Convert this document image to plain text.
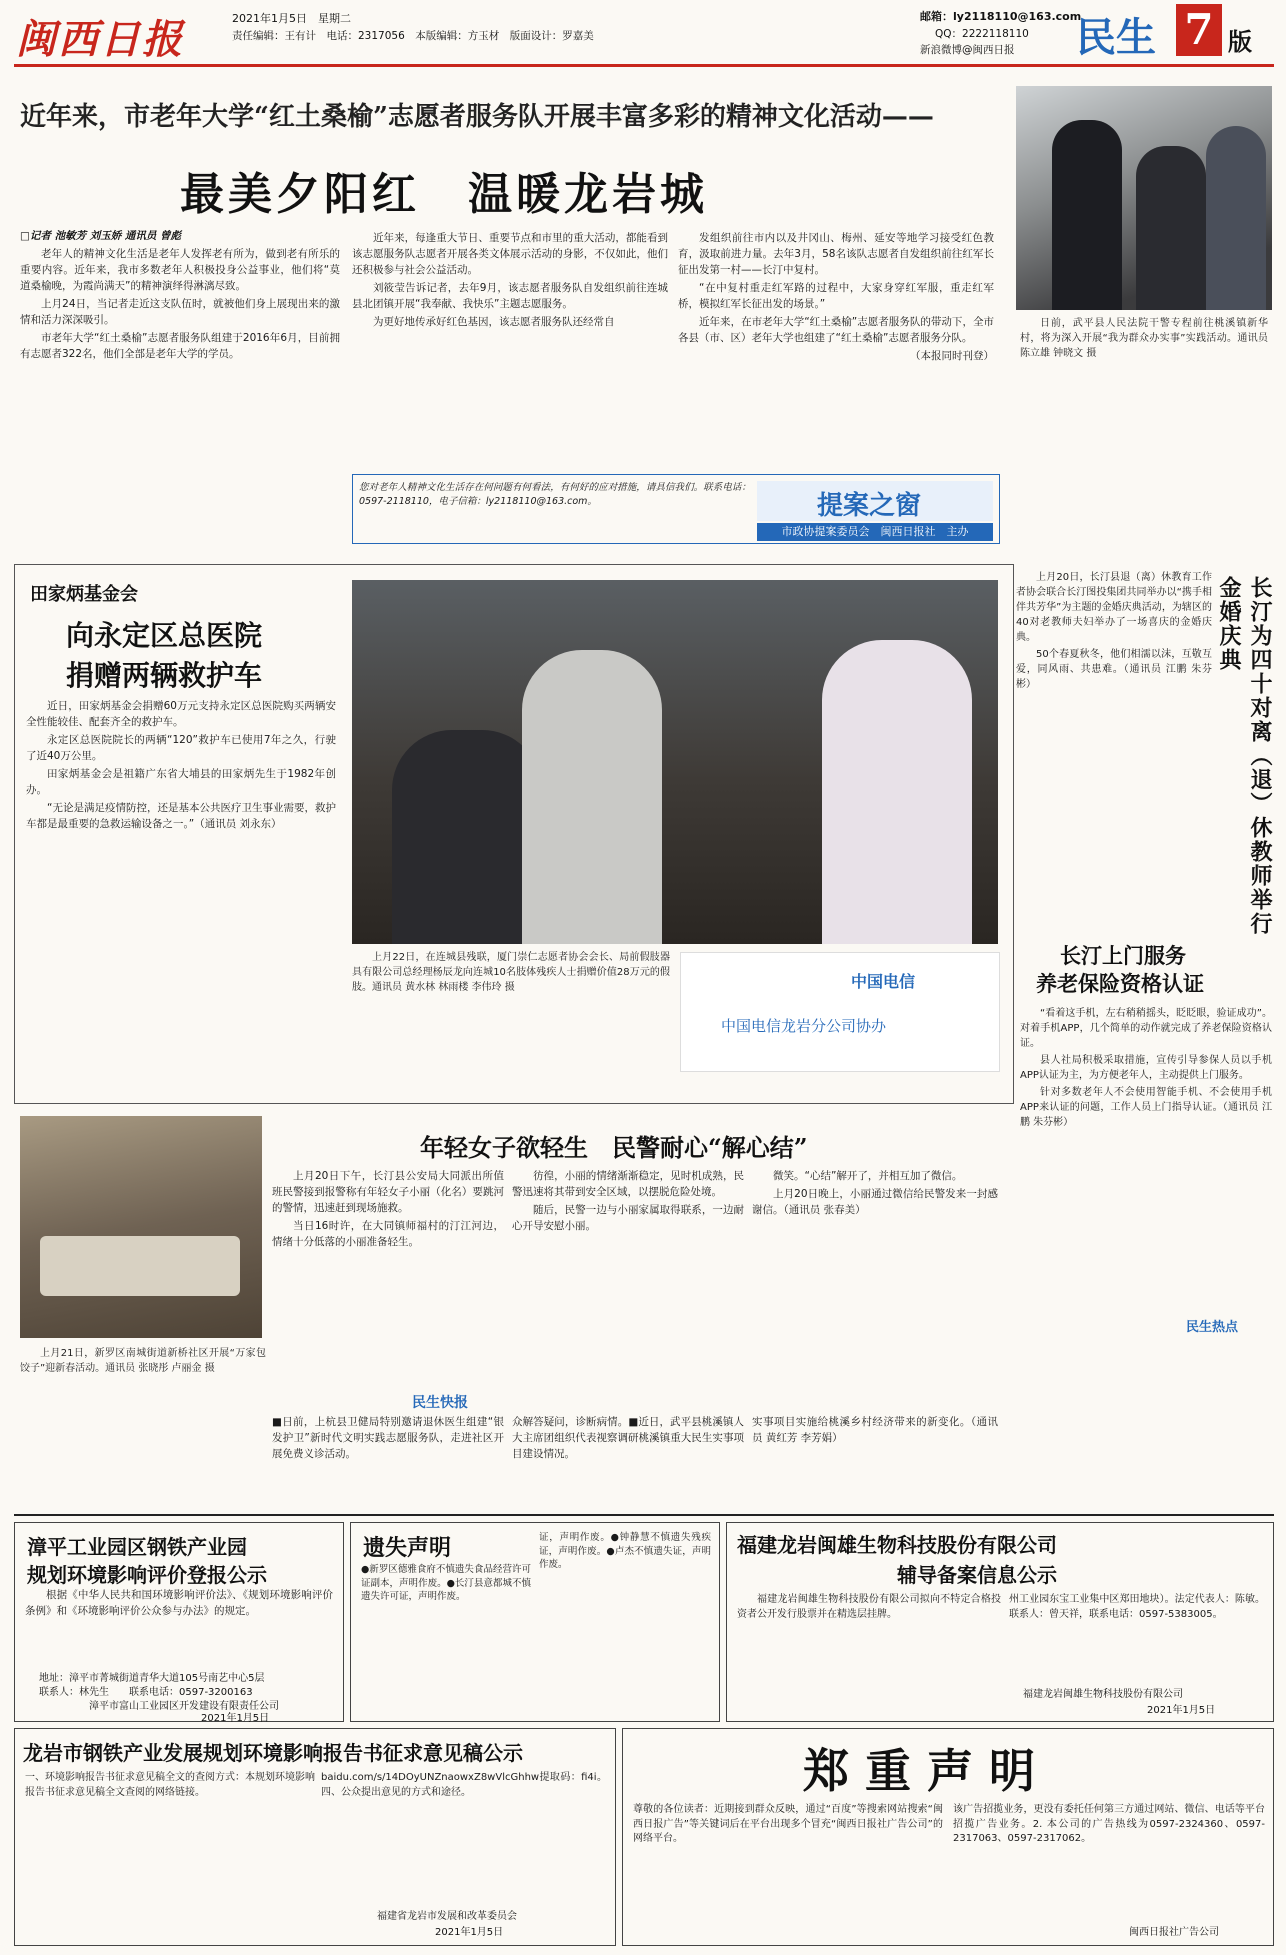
闽西日报	2021年1月5日　星期二
责任编辑：王有计　电话：2317056　本版编辑：方玉材　版面设计：罗嘉美
邮箱：ly2118110@163.com
QQ：2222118110
新浪微博@闽西日报 民生 7 版
近年来，市老年大学“红土桑榆”志愿者服务队开展丰富多彩的精神文化活动——
最美夕阳红　温暖龙岩城
□记者 池敏芳 刘玉娇 通讯员 曾彪

老年人的精神文化生活是老年人发挥老有所为，做到老有所乐的重要内容。近年来，我市多数老年人积极投身公益事业，他们将“莫道桑榆晚，为霞尚满天”的精神演绎得淋漓尽致。

上月24日，当记者走近这支队伍时，就被他们身上展现出来的激情和活力深深吸引。

市老年大学“红土桑榆”志愿者服务队组建于2016年6月，目前拥有志愿者322名，他们全部是老年大学的学员。

近年来，每逢重大节日、重要节点和市里的重大活动，都能看到该志愿服务队志愿者开展各类文体展示活动的身影，不仅如此，他们还积极参与社会公益活动。

刘筱莹告诉记者，去年9月，该志愿者服务队自发组织前往连城县北团镇开展“我奉献、我快乐”主题志愿服务。

为更好地传承好红色基因，该志愿者服务队还经常自

发组织前往市内以及井冈山、梅州、延安等地学习接受红色教育，汲取前进力量。去年3月，58名该队志愿者自发组织前往红军长征出发第一村——长汀中复村。

“在中复村重走红军路的过程中，大家身穿红军服，重走红军桥，模拟红军长征出发的场景。”

近年来，在市老年大学“红土桑榆”志愿者服务队的带动下，全市各县（市、区）老年大学也组建了“红土桑榆”志愿者服务分队。

（本报同时刊登）

您对老年人精神文化生活存在何问题有何看法，有何好的应对措施，请具信我们。联系电话：0597-2118110，电子信箱：ly2118110@163.com。	提案之窗
市政协提案委员会　闽西日报社　主办
日前，武平县人民法院干警专程前往桃溪镇新华村，将为深入开展“我为群众办实事”实践活动。通讯员 陈立雄 钟晓文 摄
田家炳基金会
向永定区总医院
捐赠两辆救护车

近日，田家炳基金会捐赠60万元支持永定区总医院购买两辆安全性能较佳、配套齐全的救护车。

永定区总医院院长的两辆“120”救护车已使用7年之久，行驶了近40万公里。

田家炳基金会是祖籍广东省大埔县的田家炳先生于1982年创办。

“无论是满足疫情防控，还是基本公共医疗卫生事业需要，救护车都是最重要的急救运输设备之一。”（通讯员 刘永东）

上月22日，在连城县残联，厦门崇仁志愿者协会会长、局前假肢器具有限公司总经理杨辰龙向连城10名肢体残疾人士捐赠价值28万元的假肢。通讯员 黄水林 林雨楼 李伟玲 摄	中国电信
中国电信龙岩分公司协办

上月20日，长汀县退（离）休教育工作者协会联合长汀图投集团共同举办以“携手相伴共芳华”为主题的金婚庆典活动，为辖区的40对老教师夫妇举办了一场喜庆的金婚庆典。

50个春夏秋冬，他们相濡以沫，互敬互爱，同风雨、共患难。（通讯员 江鹏 朱芬彬）	长汀为四十对离（退）休教师举行金婚庆典
长汀上门服务
养老保险资格认证

“看着这手机，左右稍稍摇头，眨眨眼，验证成功”。对着手机APP，几个简单的动作就完成了养老保险资格认证。

县人社局积极采取措施，宣传引导参保人员以手机APP认证为主，为方便老年人，主动提供上门服务。

针对多数老年人不会使用智能手机、不会使用手机APP来认证的问题，工作人员上门指导认证。（通讯员 江鹏 朱芬彬）

民生热点
上月21日，新罗区南城街道新桥社区开展“万家包饺子”迎新春活动。通讯员 张晓彤 卢丽金 摄
年轻女子欲轻生　民警耐心“解心结”

上月20日下午，长汀县公安局大同派出所值班民警接到报警称有年轻女子小丽（化名）要跳河的警情，迅速赶到现场施救。

当日16时许，在大同镇师福村的汀江河边，情绪十分低落的小丽准备轻生。

彷徨，小丽的情绪渐渐稳定，见时机成熟，民警迅速将其带到安全区域，以摆脱危险处境。

随后，民警一边与小丽家属取得联系，一边耐心开导安慰小丽。

微笑。“心结”解开了，并相互加了微信。

上月20日晚上，小丽通过微信给民警发来一封感谢信。（通讯员 张春美）

民生快报
■日前，上杭县卫健局特别邀请退休医生组建“银发护卫”新时代文明实践志愿服务队，走进社区开展免费义诊活动。
众解答疑问，诊断病情。■近日，武平县桃溪镇人大主席团组织代表视察调研桃溪镇重大民生实事项目建设情况。
实事项目实施给桃溪乡村经济带来的新变化。（通讯员 黄红芳 李芳娟）
漳平工业园区钢铁产业园
规划环境影响评价登报公示
根据《中华人民共和国环境影响评价法》、《规划环境影响评价条例》和《环境影响评价公众参与办法》的规定。
地址：漳平市菁城街道青华大道105号南艺中心5层
联系人：林先生　　联系电话：0597-3200163
漳平市富山工业园区开发建设有限责任公司
2021年1月5日
遗失声明
●新罗区德雅食府不慎遗失食品经营许可证副本，声明作废。●长汀县意都城不慎遗失许可证，声明作废。
证，声明作废。●钟静慧不慎遗失残疾证，声明作废。●卢杰不慎遗失证，声明作废。
福建龙岩闽雄生物科技股份有限公司
辅导备案信息公示
福建龙岩闽雄生物科技股份有限公司拟向不特定合格投资者公开发行股票并在精选层挂牌。
州工业园东宝工业集中区郑田地块）。法定代表人：陈敏。联系人：曾天祥，联系电话：0597-5383005。
福建龙岩闽雄生物科技股份有限公司
2021年1月5日
龙岩市钢铁产业发展规划环境影响报告书征求意见稿公示
一、环境影响报告书征求意见稿全文的查阅方式：本规划环境影响报告书征求意见稿全文查阅的网络链接。
baidu.com/s/14DOyUNZnaowxZ8wVlcGhhw提取码：fi4i。四、公众提出意见的方式和途径。
福建省龙岩市发展和改革委员会
2021年1月5日
郑重声明
尊敬的各位读者：近期接到群众反映，通过“百度”等搜索网站搜索“闽西日报广告”等关键词后在平台出现多个冒充“闽西日报社广告公司”的网络平台。
该广告招揽业务，更没有委托任何第三方通过网站、微信、电话等平台招揽广告业务。2. 本公司的广告热线为0597-2324360、0597-2317063、0597-2317062。
闽西日报社广告公司
